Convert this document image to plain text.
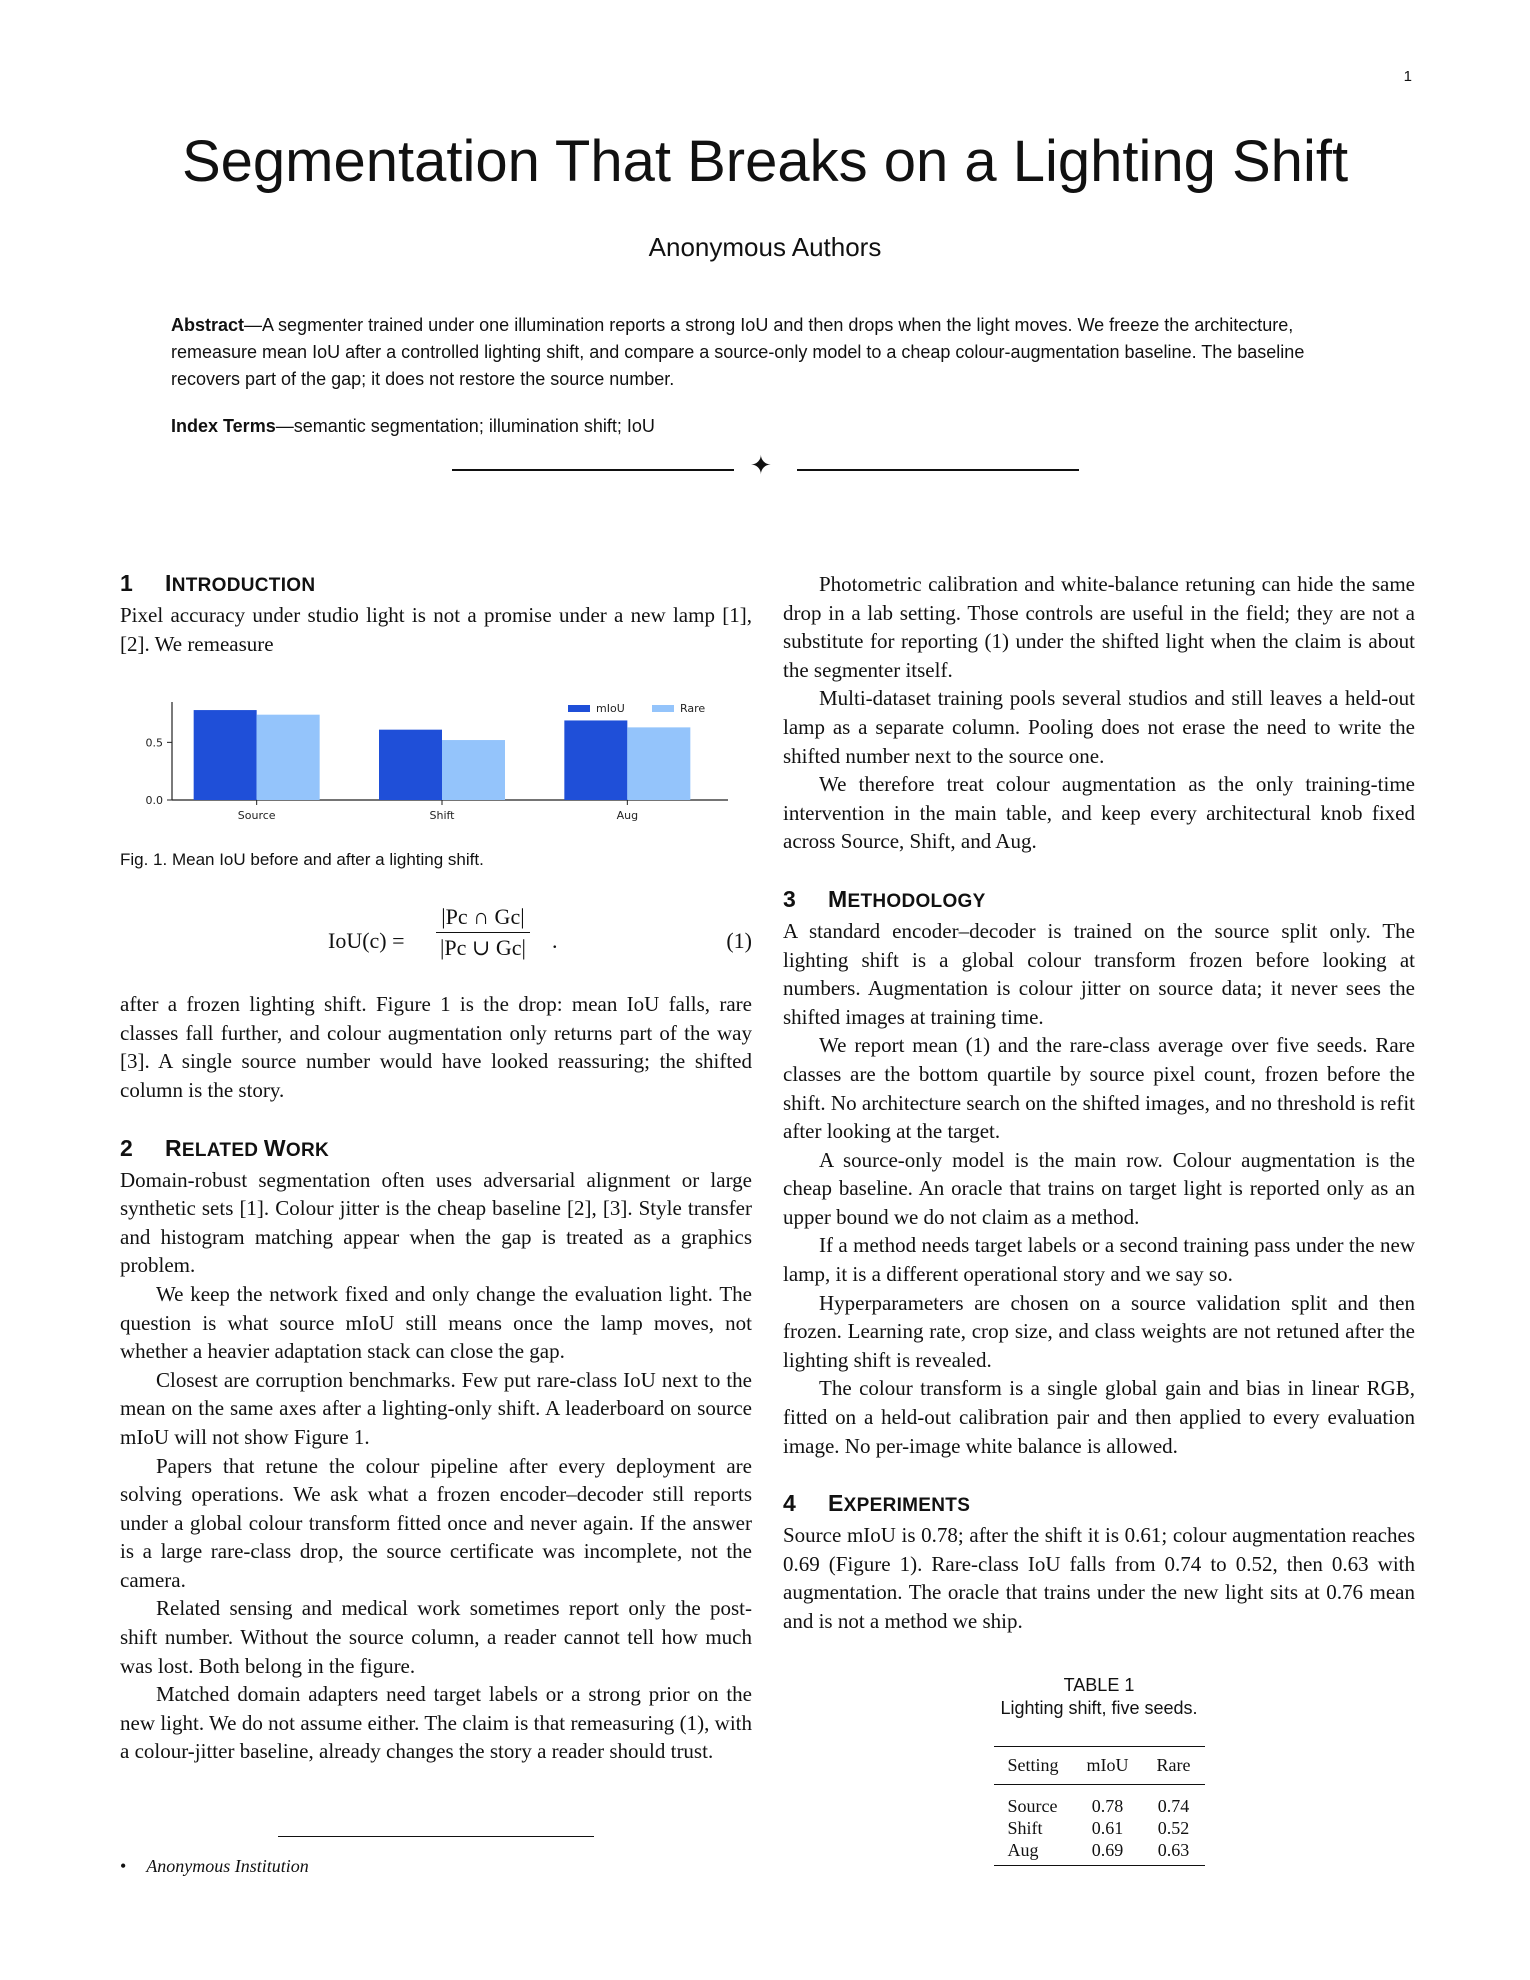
1
Segmentation That Breaks on a Lighting Shift
Anonymous Authors

Abstract—A segmenter trained under one illumination reports a strong IoU and then drops when the light moves. We freeze the architecture, remeasure mean IoU after a controlled lighting shift, and compare a source-only model to a cheap colour-augmentation baseline. The baseline recovers part of the gap; it does not restore the source number.

Index Terms—semantic segmentation; illumination shift; IoU

✦
1 INTRODUCTION

Pixel accuracy under studio light is not a promise under a new lamp [1], [2]. We remeasure

0.0
0.5
Source	Shift	Aug
mIoU	Rare
Fig. 1. Mean IoU before and after a lighting shift.
$IoU(c) = \frac{|Pc \cap Gc|}{|Pc \cup Gc|}$ .	(1)

after a frozen lighting shift. Figure 1 is the drop: mean IoU falls, rare classes fall further, and colour augmentation only returns part of the way [3]. A single source number would have looked reassuring; the shifted column is the story.

2 RELATED WORK

Domain-robust segmentation often uses adversarial alignment or large synthetic sets [1]. Colour jitter is the cheap baseline [2], [3]. Style transfer and histogram matching appear when the gap is treated as a graphics problem.

We keep the network fixed and only change the evaluation light. The question is what source mIoU still means once the lamp moves, not whether a heavier adaptation stack can close the gap.

Closest are corruption benchmarks. Few put rare-class IoU next to the mean on the same axes after a lighting-only shift. A leaderboard on source mIoU will not show Figure 1.

Papers that retune the colour pipeline after every deployment are solving operations. We ask what a frozen encoder–decoder still reports under a global colour transform fitted once and never again. If the answer is a large rare-class drop, the source certificate was incomplete, not the camera.

Related sensing and medical work sometimes report only the post-shift number. Without the source column, a reader cannot tell how much was lost. Both belong in the figure.

Matched domain adapters need target labels or a strong prior on the new light. We do not assume either. The claim is that remeasuring (1), with a colour-jitter baseline, already changes the story a reader should trust.

• Anonymous Institution

Photometric calibration and white-balance retuning can hide the same drop in a lab setting. Those controls are useful in the field; they are not a substitute for reporting (1) under the shifted light when the claim is about the segmenter itself.

Multi-dataset training pools several studios and still leaves a held-out lamp as a separate column. Pooling does not erase the need to write the shifted number next to the source one.

We therefore treat colour augmentation as the only training-time intervention in the main table, and keep every architectural knob fixed across Source, Shift, and Aug.

3 METHODOLOGY

A standard encoder–decoder is trained on the source split only. The lighting shift is a global colour transform frozen before looking at numbers. Augmentation is colour jitter on source data; it never sees the shifted images at training time.

We report mean (1) and the rare-class average over five seeds. Rare classes are the bottom quartile by source pixel count, frozen before the shift. No architecture search on the shifted images, and no threshold is refit after looking at the target.

A source-only model is the main row. Colour augmentation is the cheap baseline. An oracle that trains on target light is reported only as an upper bound we do not claim as a method.

If a method needs target labels or a second training pass under the new lamp, it is a different operational story and we say so.

Hyperparameters are chosen on a source validation split and then frozen. Learning rate, crop size, and class weights are not retuned after the lighting shift is revealed.

The colour transform is a single global gain and bias in linear RGB, fitted on a held-out calibration pair and then applied to every evaluation image. No per-image white balance is allowed.

4 EXPERIMENTS

Source mIoU is 0.78; after the shift it is 0.61; colour augmentation reaches 0.69 (Figure 1). Rare-class IoU falls from 0.74 to 0.52, then 0.63 with augmentation. The oracle that trains under the new light sits at 0.76 mean and is not a method we ship.

TABLE 1
Lighting shift, five seeds.
Setting	mIoU	Rare
Source	0.78	0.74
Shift	0.61	0.52
Aug	0.69	0.63
